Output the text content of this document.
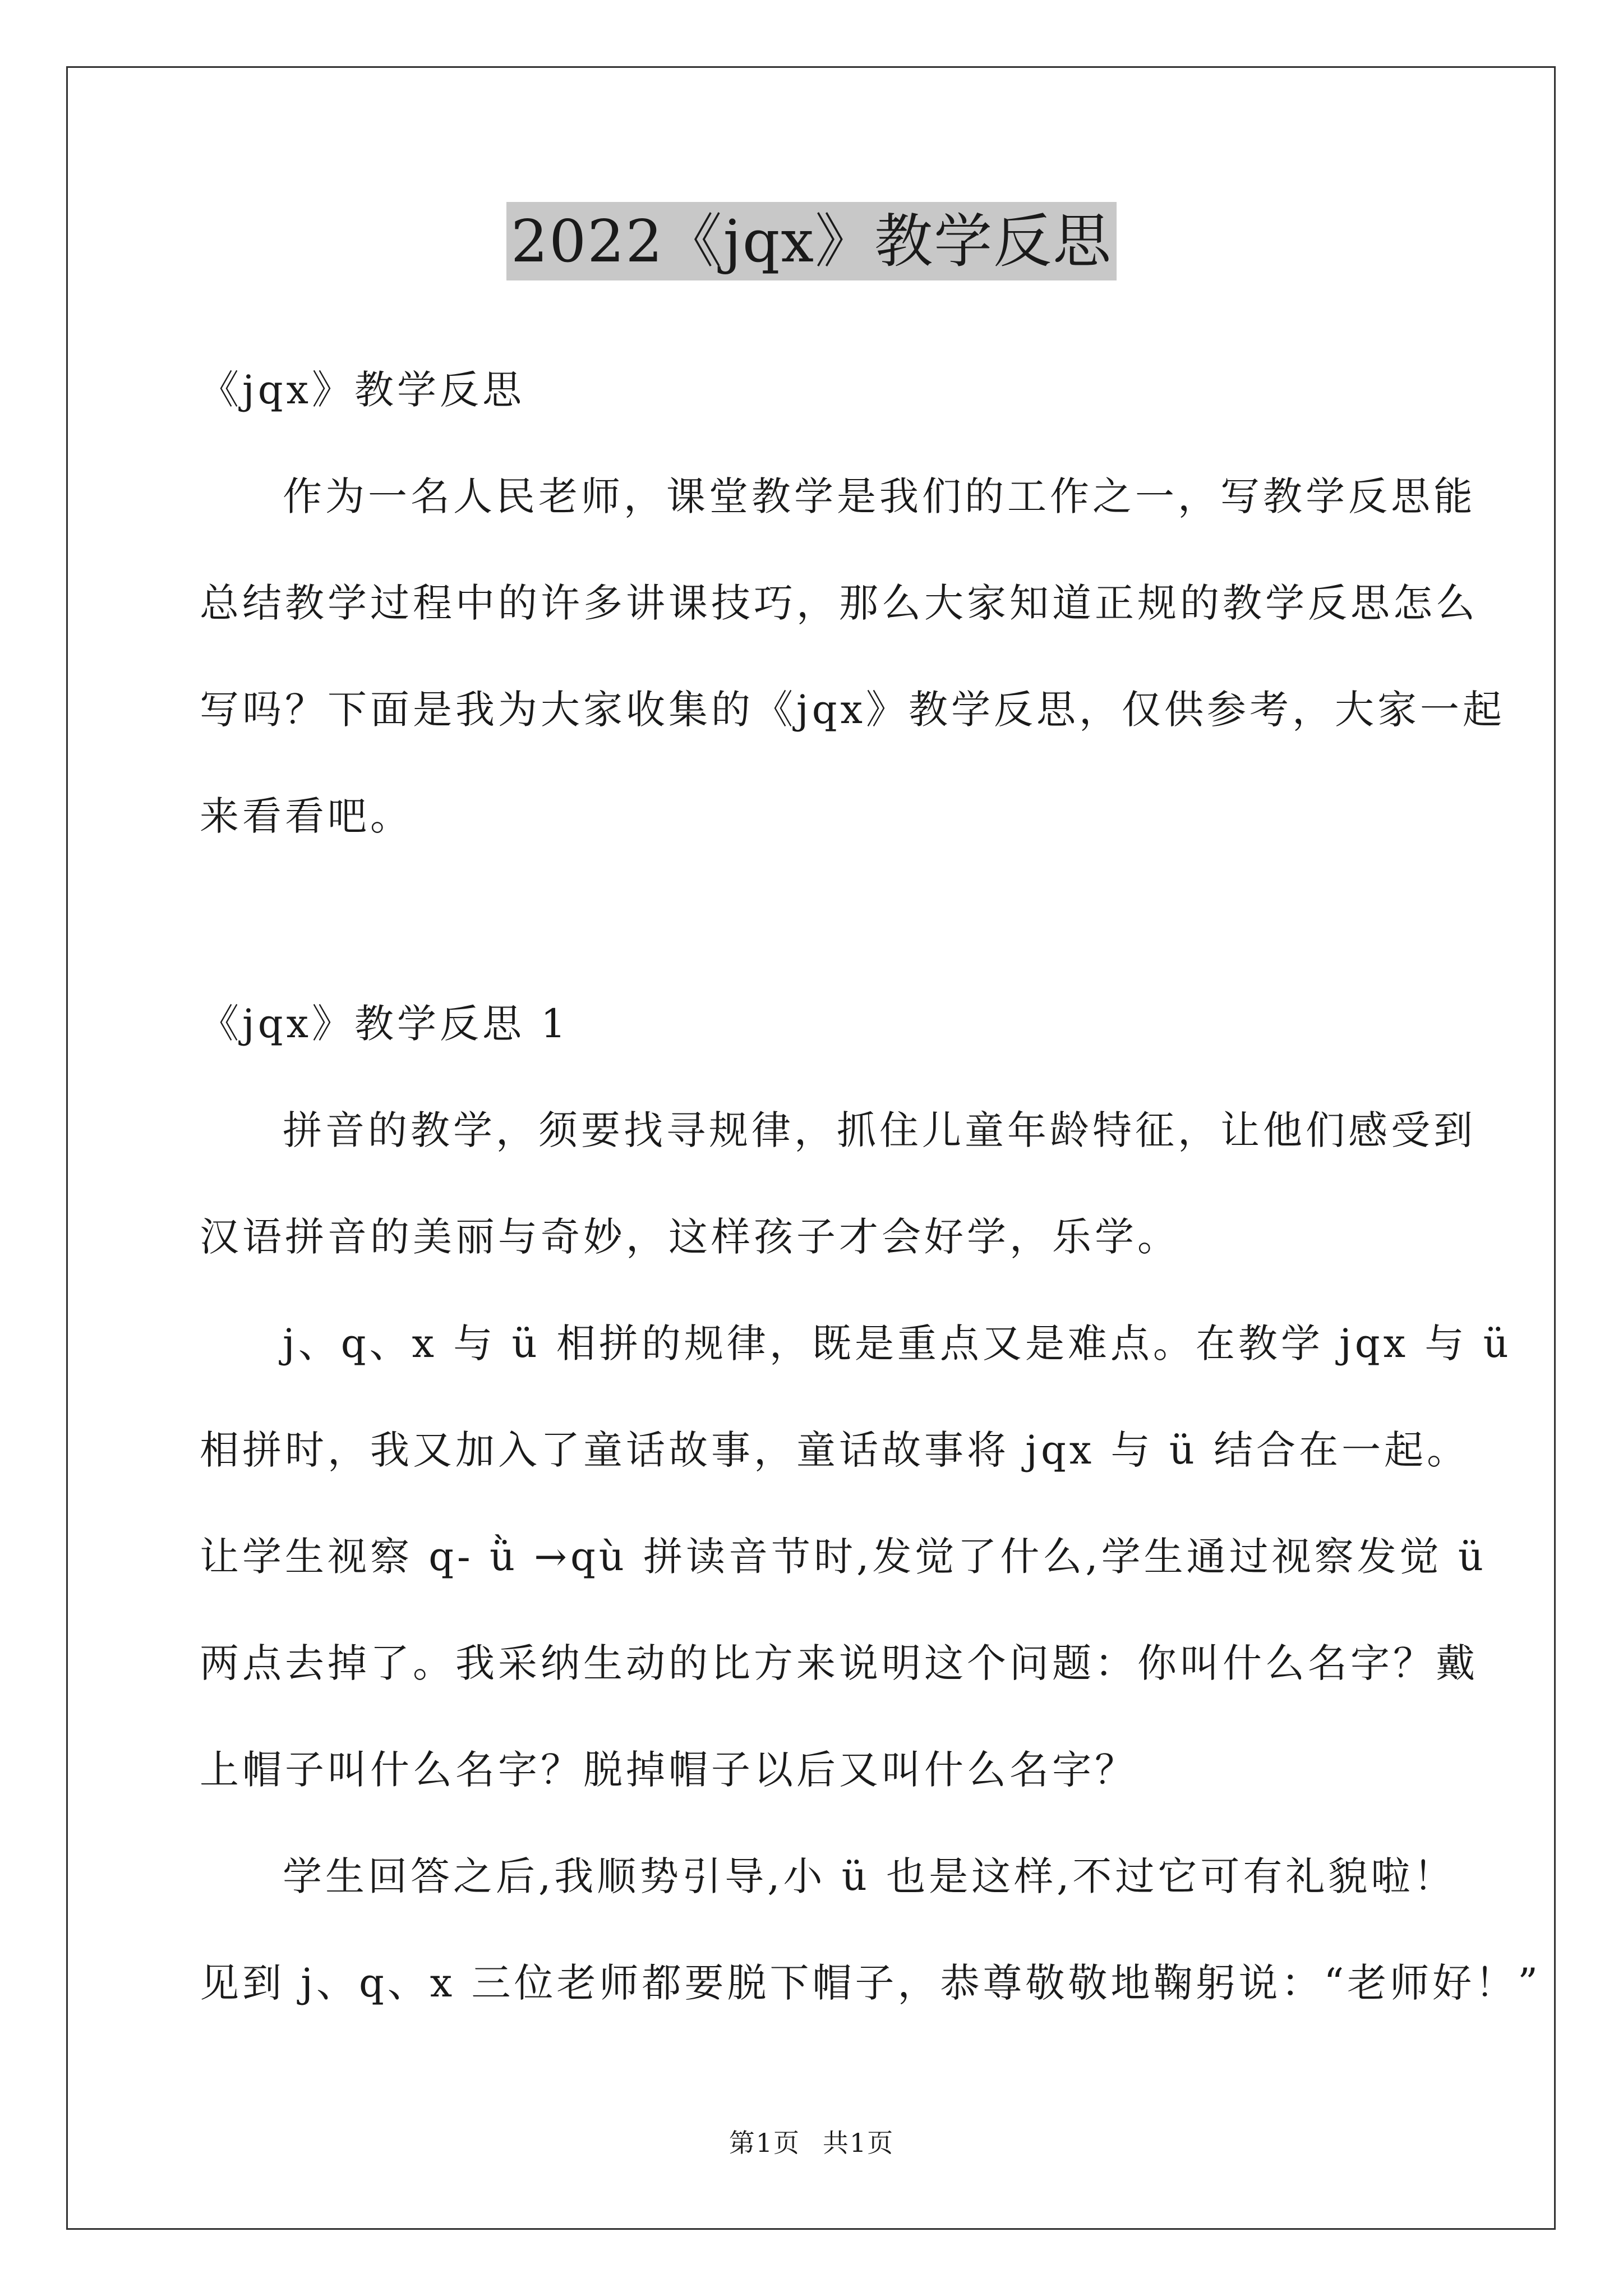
2022《jqx》教学反思
《jqx》教学反思
作为一名人民老师，课堂教学是我们的工作之一，写教学反思能
总结教学过程中的许多讲课技巧，那么大家知道正规的教学反思怎么
写吗？下面是我为大家收集的《jqx》教学反思，仅供参考，大家一起
来看看吧。
《jqx》教学反思 1
拼音的教学，须要找寻规律，抓住儿童年龄特征，让他们感受到
汉语拼音的美丽与奇妙，这样孩子才会好学，乐学。
j、q、x 与 ü 相拼的规律，既是重点又是难点。在教学 jqx 与 ü
相拼时，我又加入了童话故事，童话故事将 jqx 与 ü 结合在一起。
让学生视察 q- ǜ →qù 拼读音节时,发觉了什么,学生通过视察发觉 ü
两点去掉了。我采纳生动的比方来说明这个问题：你叫什么名字？戴
上帽子叫什么名字？脱掉帽子以后又叫什么名字？
学生回答之后,我顺势引导,小 ü 也是这样,不过它可有礼貌啦！
见到 j、q、x 三位老师都要脱下帽子，恭尊敬敬地鞠躬说：“老师好！”
第1页 共1页
